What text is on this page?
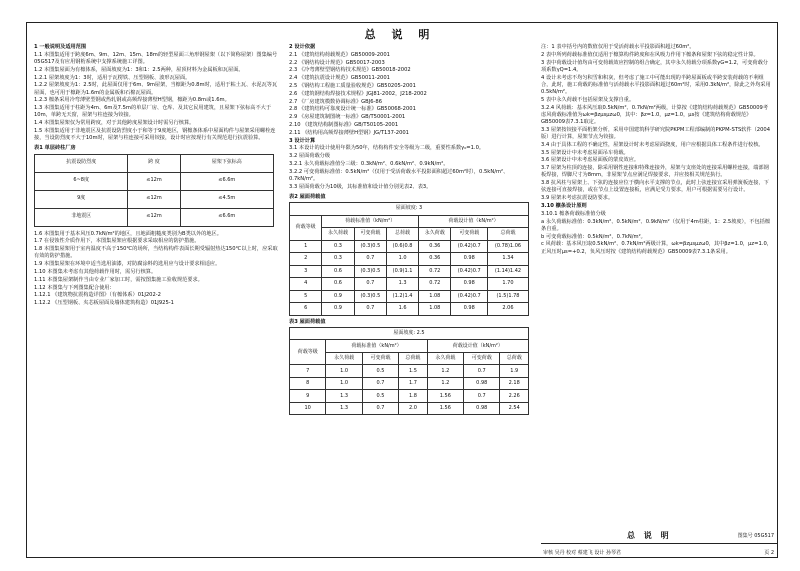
总 说 明

1 一般说明及适用范围

1.1 本图集适用于跨度6m、9m、12m、15m、18m的轻型屋面三角形钢屋架（以下简称屋架）图集编号05G517及有应用钢桁系统中支撑系统施工详图。

1.2 本图集屋面为有檩体系，屋面坡度为1：3和1：2.5两种，屋顶材料为金属板和瓦屋面。

1.2.1 屋架坡度为1：3时，适用于瓦楞铁、压型钢板、波形瓦屋面。

1.2.2 屋架坡度为1：2.5时，此屋面仅用于6m、9m屋架，当檩距为0.8m时，适用于粘土瓦、水泥瓦等瓦屋面，也可用于檩距为1.6m的金属板和石棉瓦屋面。

1.2.3 檩条采用冷弯薄壁型钢或热轧钢或高频焊接薄壁H型钢，檩距为0.8m或1.6m。

1.3 本图集适用于柱距为4m、6m及7.5m的单层厂房、仓库、及其它民用建筑，且屋架下弦标高不大于10m，单跨无天窗，屋架与柱连接为铰接。

1.4 本图集屋架仅为常用跨度，对于其他跨度屋架设计时需另行核算。

1.5 本图集适用于非地震区及抗震设防烈度小于和等于9度地区，钢檩条体系中屋面构件与屋架采用螺栓连接，当设防烈度不大于10m时，屋架与柱连接可采用铰接，设计时应按现行有关规范进行抗震验算。

表1 单层砖柱厂房
抗震设防烈度	跨 度	屋架下弦标高
6~8度	≤12m	≤6.6m
9度	≤12m	≤4.5m
非地震区	≤12m	≤6.6m

1.6 本图集用于基本风压0.7kN/m²的地区，且地面粗糙度类别为B类以外的地区。

1.7 在侵蚀性介质作用下，本图集屋架应根据要求采取相应的防护措施。

1.8 本图集屋架用于室内温度不高于150℃的场所，当结构构件表面长期受辐射热达150℃以上时，应采取有效的防护措施。

1.9 本图集屋架在环境中适当选用油漆，对防腐涂料的选用应与设计要求相适应。

1.10 本图集未考虑有其他荷载作用时，需另行核算。

1.11 本图集屋架制作当由专业厂家加工时，需按图集施工验收规范要求。

1.12 本图集与下列图集配合使用：

1.12.1 《建筑物抗震构造详图》（有檩体系）01J202-2

1.12.2 《压型钢板、夹芯板屋面及墙体建筑构造》01J925-1

2 设计依据

2.1 《建筑结构荷载规范》GB50009-2001

2.2 《钢结构设计规范》GB50017-2003

2.3 《冷弯薄壁型钢结构技术规范》GB50018-2002

2.4 《建筑抗震设计规范》GB50011-2001

2.5 《钢结构工程施工质量验收规范》GB50205-2001

2.6 《建筑钢结构焊接技术规程》JGJ81-2002，J218-2002

2.7 《厂房建筑模数协调标准》GBJ6-86

2.8 《建筑结构可靠度设计统一标准》GB50068-2001

2.9 《房屋建筑制图统一标准》GB/T50001-2001

2.10 《建筑结构制图标准》GB/T50105-2001

2.11 《结构用高频焊接薄壁H型钢》JG/T137-2001

3 设计计算

3.1 本设计的设计使用年限为50年，结构构件安全等级为二级，重要性系数γ₀=1.0。

3.2 屋面荷载分级

3.2.1 永久荷载标准值分三级：0.3kN/m²、0.6kN/m²、0.9kN/m²。

3.2.2 可变荷载标准值：0.5kN/m²（仅用于受活荷载水平投影面积超过60m²时），0.5kN/m²、0.7kN/m²。

3.3 屋面荷载分为10级，其标准值和设计值分别见表2、表3。

表2 屋面荷载值
屋面坡度: 3						
荷载等级	荷载标准值（kN/m²）			荷载设计值（kN/m²）		
	永久荷载	可变荷载	总荷载	永久荷载	可变荷载	总荷载
1	0.3	(0.3)0.5	(0.6)0.8	0.36	(0.42)0.7	(0.78)1.06
2	0.3	0.7	1.0	0.36	0.98	1.34
3	0.6	(0.3)0.5	(0.9)1.1	0.72	(0.42)0.7	(1.14)1.42
4	0.6	0.7	1.3	0.72	0.98	1.70
5	0.9	(0.3)0.5	(1.2)1.4	1.08	(0.42)0.7	(1.5)1.78
6	0.9	0.7	1.6	1.08	0.98	2.06
表3 屋面荷载值
屋面坡度: 2.5						
荷载等级	荷载标准值（kN/m²）			荷载设计值（kN/m²）		
	永久荷载	可变荷载	总荷载	永久荷载	可变荷载	总荷载
7	1.0	0.5	1.5	1.2	0.7	1.9
8	1.0	0.7	1.7	1.2	0.98	2.18
9	1.3	0.5	1.8	1.56	0.7	2.26
10	1.3	0.7	2.0	1.56	0.98	2.54

注：1 表中括号内的数值仅用于受活荷载水平投影面积超过60m²。

2 表中所列荷载标准值仅适用于檩算构件跨度和在风吸力作用下檩条和屋架下弦的稳定性计算。

3 表中荷载设计值均由可变荷载效应控制的组合确定，其中永久荷载分项系数γG=1.2，可变荷载分项系数γQ=1.4。

4 设计未考虑不均匀积雪和积灰，但考虑了施工中可能出现的半跨屋面板或半跨安装荷载的不利组合，此时，施工荷载的标准值与活荷载水平投影面积超过60m²时，采用0.3kN/m²，除此之外均采用0.5kN/m²。

5 表中永久荷载不包括屋架及支撑自重。

3.2.4 风荷载：基本风压取0.5kN/m²、0.7kN/m²两级，计算按《建筑结构荷载规范》GB50009考虑风荷载标准值为ωk=βzμsμzω0，其中：βz=1.0，μz=1.0，μs按《建筑结构荷载规范》GB50009表7.3.1取定。

3.3 屋架按铰接平面桁架分析，采用中国建筑科学研究院PKPM工程部编制的PKPM-STS软件（2004版）进行计算，屋架节点为铰接。

3.4 由于具体工程的不确定性，屋架设计时未考虑屋面挠度，用户应根据具体工程条件进行校核。

3.5 屋架设计中未考虑屋面吊车荷载。

3.6 屋架设计中未考虑屋面板的蒙皮效应。

3.7 屋架为柱顶的连接，除采用钢性连接和特殊连接外，屋架与支座处的连接采用螺栓连接，端部钢板焊接，焊脚尺寸为8mm，非屋架节点应满足焊接要求，并应按相关规范执行。

3.8 抗风柱与屋架上、下弦的连接应位于横向水平支撑的节点，此时上弦连接宜采用弹簧板连接，下弦连接可直接焊接，或在节点上设置连接板，应满足受力要求，用户可根据需要另行设计。

3.9 屋架未考虑抗震设防要求。

3.10 檩条设计原则

3.10.1 檩条荷载标准值分级

a 永久荷载标准值：0.3kN/m²、0.5kN/m²、0.9kN/m²（仅用于4m柱距，1：2.5坡度），不包括檩条自重。

b 可变荷载标准值：0.5kN/m²、0.7kN/m²。

c 风荷载：基本风压取0.5kN/m²、0.7kN/m²两级计算，ωk=βzμsμzω0，其中βz=1.0，μz=1.0，正风压时μs=+0.2，负风压时按《建筑结构荷载规范》GB50009表7.3.1条采用。

总 说 明
审核 吴丹 校对 蔡建飞 设计 孙琴君
图集号 05G517
页 2
